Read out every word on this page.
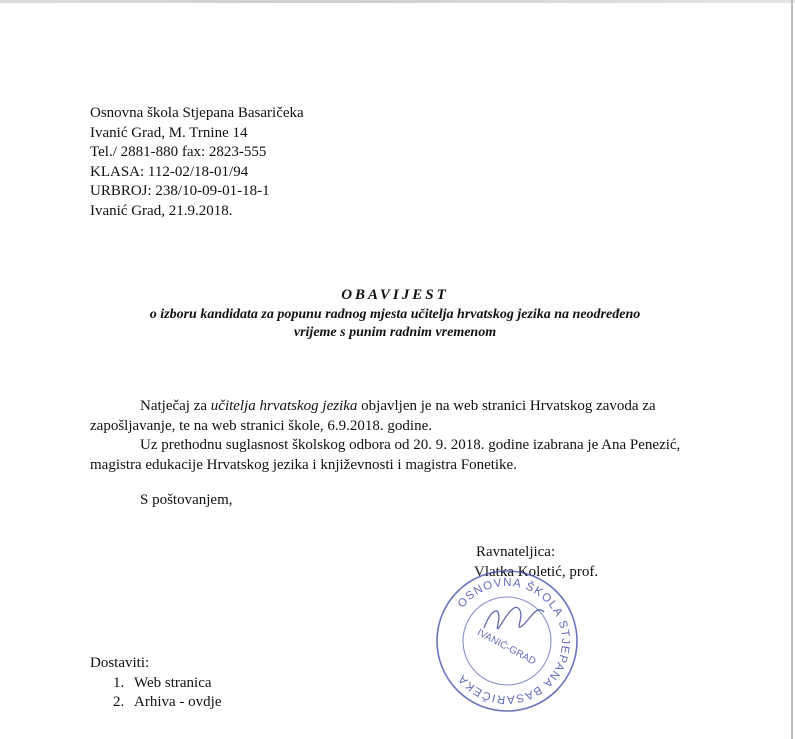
Osnovna škola Stjepana Basaričeka
Ivanić Grad, M. Trnine 14
Tel./ 2881-880 fax: 2823-555
KLASA: 112-02/18-01/94
URBROJ: 238/10-09-01-18-1
Ivanić Grad, 21.9.2018.
OBAVIJEST
o izboru kandidata za popunu radnog mjesta učitelja hrvatskog jezika na neodređeno
vrijeme s punim radnim vremenom

Natječaj za učitelja hrvatskog jezika objavljen je na web stranici Hrvatskog zavoda za zapošljavanje, te na web stranici škole, 6.9.2018. godine.

Uz prethodnu suglasnost školskog odbora od 20. 9. 2018. godine izabrana je Ana Penezić, magistra edukacije Hrvatskog jezika i književnosti i magistra Fonetike.

S poštovanjem,
Ravnateljica:
Vlatka Koletić, prof.
OSNOVNA ŠKOLA STJEPANA BASARIČEKA
IVANIĆ-GRAD
Dostaviti:
1. Web stranica
2. Arhiva - ovdje
